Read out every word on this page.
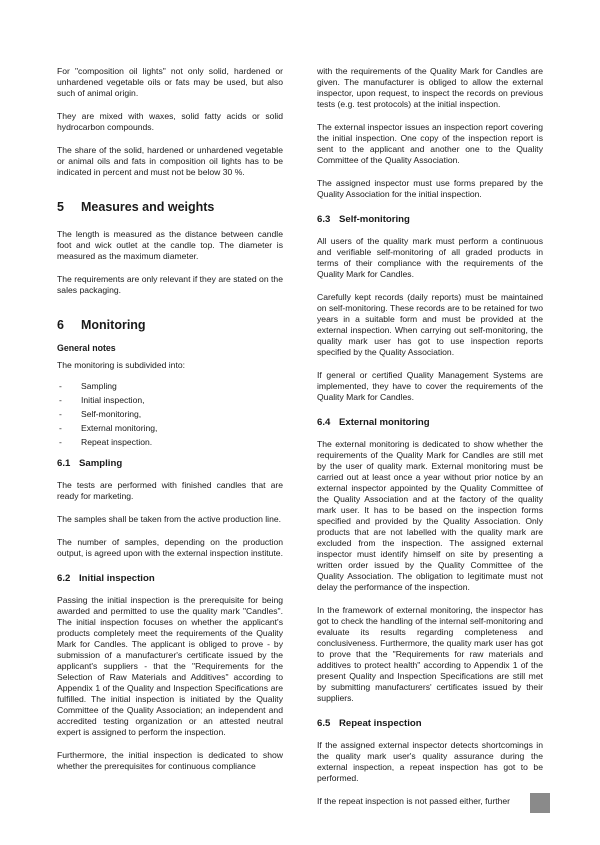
For "composition oil lights" not only solid, hardened or unhardened vegetable oils or fats may be used, but also such of animal origin.

They are mixed with waxes, solid fatty acids or solid hydrocarbon compounds.

The share of the solid, hardened or unhardened vegetable or animal oils and fats in composition oil lights has to be indicated in percent and must not be below 30 %.

5 Measures and weights

The length is measured as the distance between candle foot and wick outlet at the candle top. The diameter is measured as the maximum diameter.

The requirements are only relevant if they are stated on the sales packaging.

6 Monitoring
General notes

The monitoring is subdivided into:

- Sampling
- Initial inspection,
- Self-monitoring,
- External monitoring,
- Repeat inspection.
6.1 Sampling

The tests are performed with finished candles that are ready for marketing.

The samples shall be taken from the active production line.

The number of samples, depending on the production output, is agreed upon with the external inspection institute.

6.2 Initial inspection

Passing the initial inspection is the prerequisite for being awarded and permitted to use the quality mark "Candles". The initial inspection focuses on whether the applicant's products completely meet the requirements of the Quality Mark for Candles. The applicant is obliged to prove - by submission of a manufacturer's certificate issued by the applicant's suppliers - that the "Requirements for the Selection of Raw Materials and Additives" according to Appendix 1 of the Quality and Inspection Specifications are fulfilled. The initial inspection is initiated by the Quality Committee of the Quality Association; an independent and accredited testing organization or an attested neutral expert is assigned to perform the inspection.

Furthermore, the initial inspection is dedicated to show whether the prerequisites for continuous compliance

with the requirements of the Quality Mark for Candles are given. The manufacturer is obliged to allow the external inspector, upon request, to inspect the records on previous tests (e.g. test protocols) at the initial inspection.

The external inspector issues an inspection report covering the initial inspection. One copy of the inspection report is sent to the applicant and another one to the Quality Committee of the Quality Association.

The assigned inspector must use forms prepared by the Quality Association for the initial inspection.

6.3 Self-monitoring

All users of the quality mark must perform a continuous and verifiable self-monitoring of all graded products in terms of their compliance with the requirements of the Quality Mark for Candles.

Carefully kept records (daily reports) must be maintained on self-monitoring. These records are to be retained for two years in a suitable form and must be provided at the external inspection. When carrying out self-monitoring, the quality mark user has got to use inspection reports specified by the Quality Association.

If general or certified Quality Management Systems are implemented, they have to cover the requirements of the Quality Mark for Candles.

6.4 External monitoring

The external monitoring is dedicated to show whether the requirements of the Quality Mark for Candles are still met by the user of quality mark. External monitoring must be carried out at least once a year without prior notice by an external inspector appointed by the Quality Committee of the Quality Association and at the factory of the quality mark user. It has to be based on the inspection forms specified and provided by the Quality Association. Only products that are not labelled with the quality mark are excluded from the inspection. The assigned external inspector must identify himself on site by presenting a written order issued by the Quality Committee of the Quality Association. The obligation to legitimate must not delay the performance of the inspection.

In the framework of external monitoring, the inspector has got to check the handling of the internal self-monitoring and evaluate its results regarding completeness and conclusiveness. Furthermore, the quality mark user has got to prove that the "Requirements for raw materials and additives to protect health" according to Appendix 1 of the present Quality and Inspection Specifications are still met by submitting manufacturers' certificates issued by their suppliers.

6.5 Repeat inspection

If the assigned external inspector detects shortcomings in the quality mark user's quality assurance during the external inspection, a repeat inspection has got to be performed.

If the repeat inspection is not passed either, further
